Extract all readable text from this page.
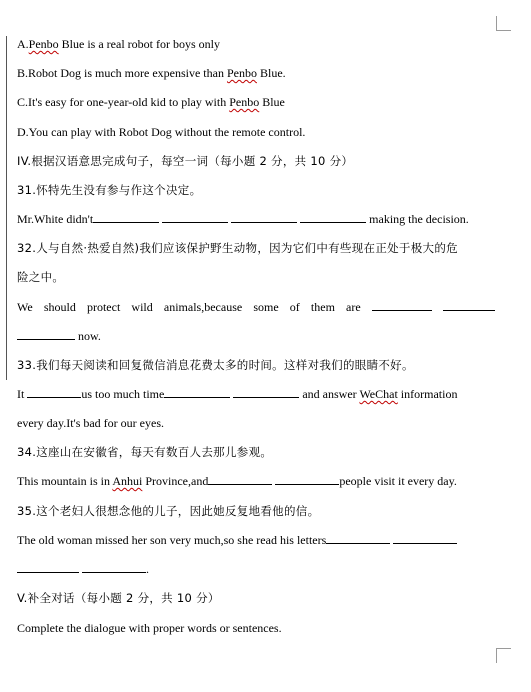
A.Penbo Blue is a real robot for boys only
B.Robot Dog is much more expensive than Penbo Blue.
C.It's easy for one-year-old kid to play with Penbo Blue
D.You can play with Robot Dog without the remote control.
IV.根据汉语意思完成句子，每空一词（每小题 2 分，共 10 分）
31.怀特先生没有参与作这个决定。
Mr.White didn't	making the decision.
32.人与自然·热爱自然)我们应该保护野生动物，因为它们中有些现在正处于极大的危
险之中。
We should protect wild animals,because some of them are
now.
33.我们每天阅读和回复微信消息花费太多的时间。这样对我们的眼睛不好。
It	us too much time	and answer WeChat information
every day.It's bad for our eyes.
34.这座山在安徽省，每天有数百人去那儿参观。
This mountain is in Anhui Province,and	people visit it every day.
35.这个老妇人很想念他的儿子，因此她反复地看他的信。
The old woman missed her son very much,so she read his letters
.
V.补全对话（每小题 2 分，共 10 分）
Complete the dialogue with proper words or sentences.
